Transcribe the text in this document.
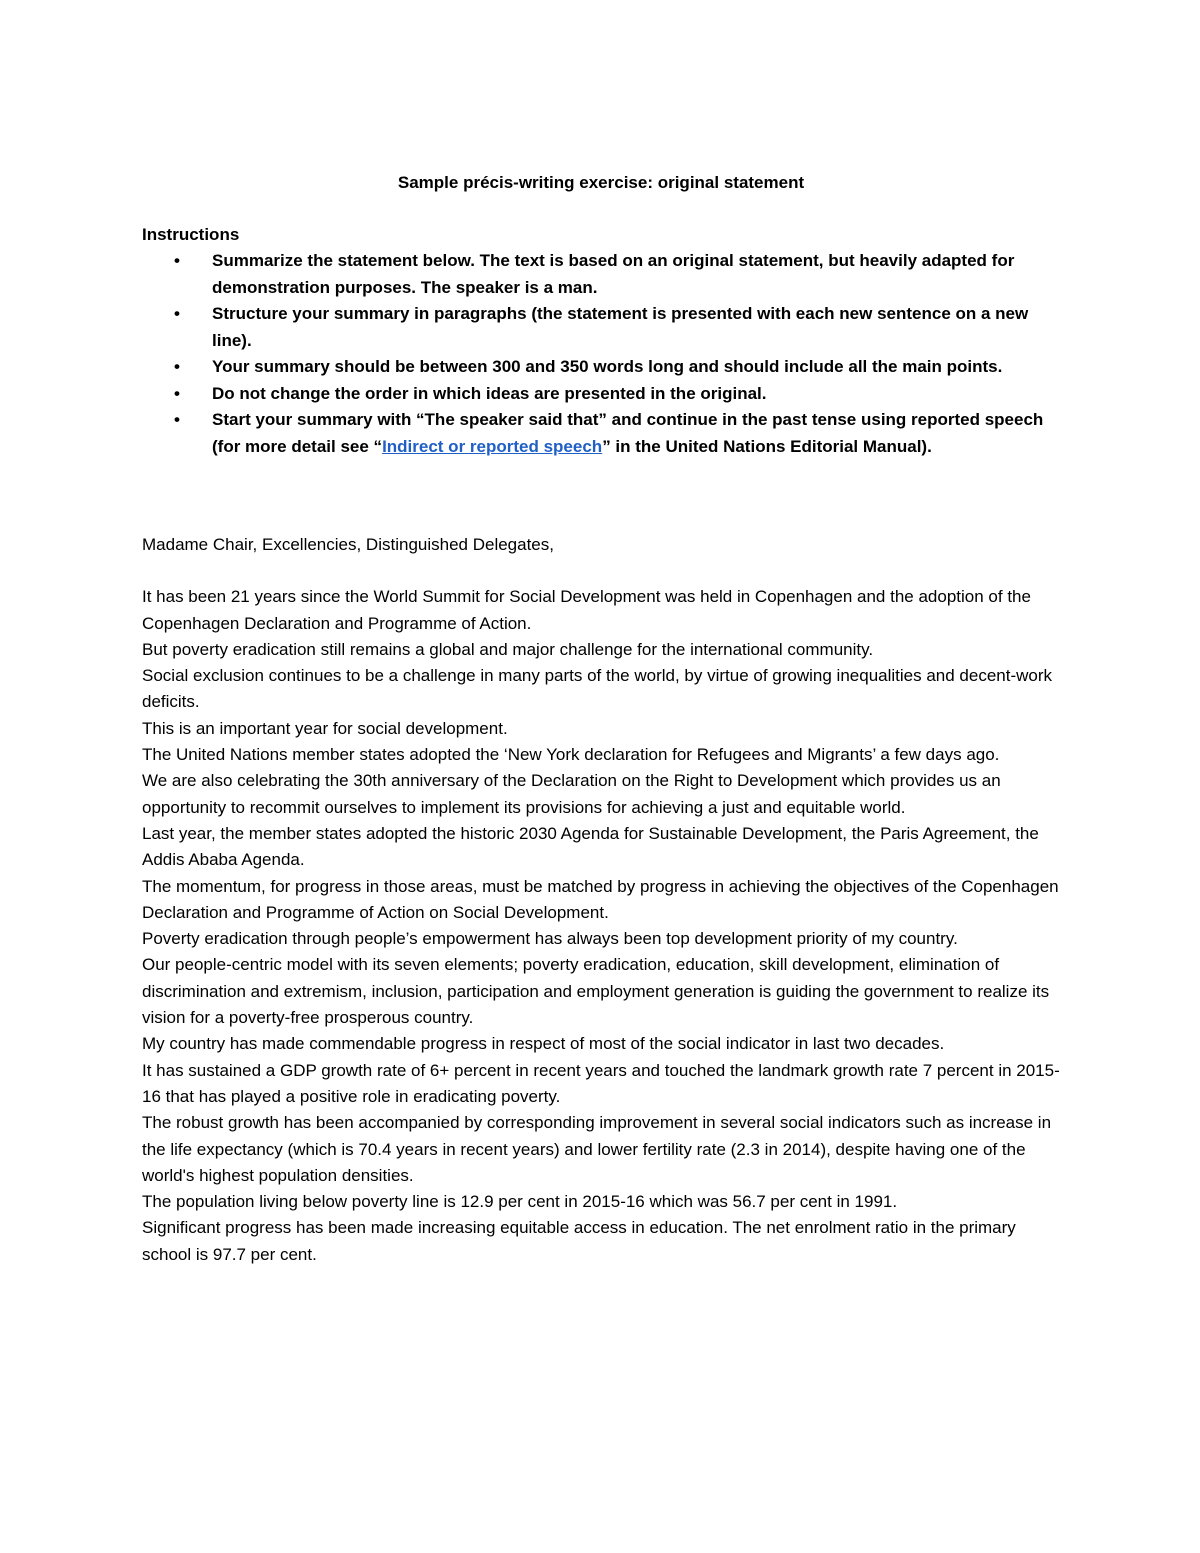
Sample précis-writing exercise: original statement
Instructions
• Summarize the statement below. The text is based on an original statement, but heavily adapted for demonstration purposes. The speaker is a man.
• Structure your summary in paragraphs (the statement is presented with each new sentence on a new line).
• Your summary should be between 300 and 350 words long and should include all the main points.
• Do not change the order in which ideas are presented in the original.
• Start your summary with “The speaker said that” and continue in the past tense using reported speech (for more detail see “Indirect or reported speech” in the United Nations Editorial Manual).

Madame Chair, Excellencies, Distinguished Delegates,

It has been 21 years since the World Summit for Social Development was held in Copenhagen and the adoption of the Copenhagen Declaration and Programme of Action.

But poverty eradication still remains a global and major challenge for the international community.

Social exclusion continues to be a challenge in many parts of the world, by virtue of growing inequalities and decent-work deficits.

This is an important year for social development.

The United Nations member states adopted the ‘New York declaration for Refugees and Migrants’ a few days ago.

We are also celebrating the 30th anniversary of the Declaration on the Right to Development which provides us an opportunity to recommit ourselves to implement its provisions for achieving a just and equitable world.

Last year, the member states adopted the historic 2030 Agenda for Sustainable Development, the Paris Agreement, the Addis Ababa Agenda.

The momentum, for progress in those areas, must be matched by progress in achieving the objectives of the Copenhagen Declaration and Programme of Action on Social Development.

Poverty eradication through people’s empowerment has always been top development priority of my country.

Our people-centric model with its seven elements; poverty eradication, education, skill development, elimination of discrimination and extremism, inclusion, participation and employment generation is guiding the government to realize its vision for a poverty-free prosperous country.

My country has made commendable progress in respect of most of the social indicator in last two decades.

It has sustained a GDP growth rate of 6+ percent in recent years and touched the landmark growth rate 7 percent in 2015-16 that has played a positive role in eradicating poverty.

The robust growth has been accompanied by corresponding improvement in several social indicators such as increase in the life expectancy (which is 70.4 years in recent years) and lower fertility rate (2.3 in 2014), despite having one of the world's highest population densities.

The population living below poverty line is 12.9 per cent in 2015-16 which was 56.7 per cent in 1991.

Significant progress has been made increasing equitable access in education. The net enrolment ratio in the primary school is 97.7 per cent.
